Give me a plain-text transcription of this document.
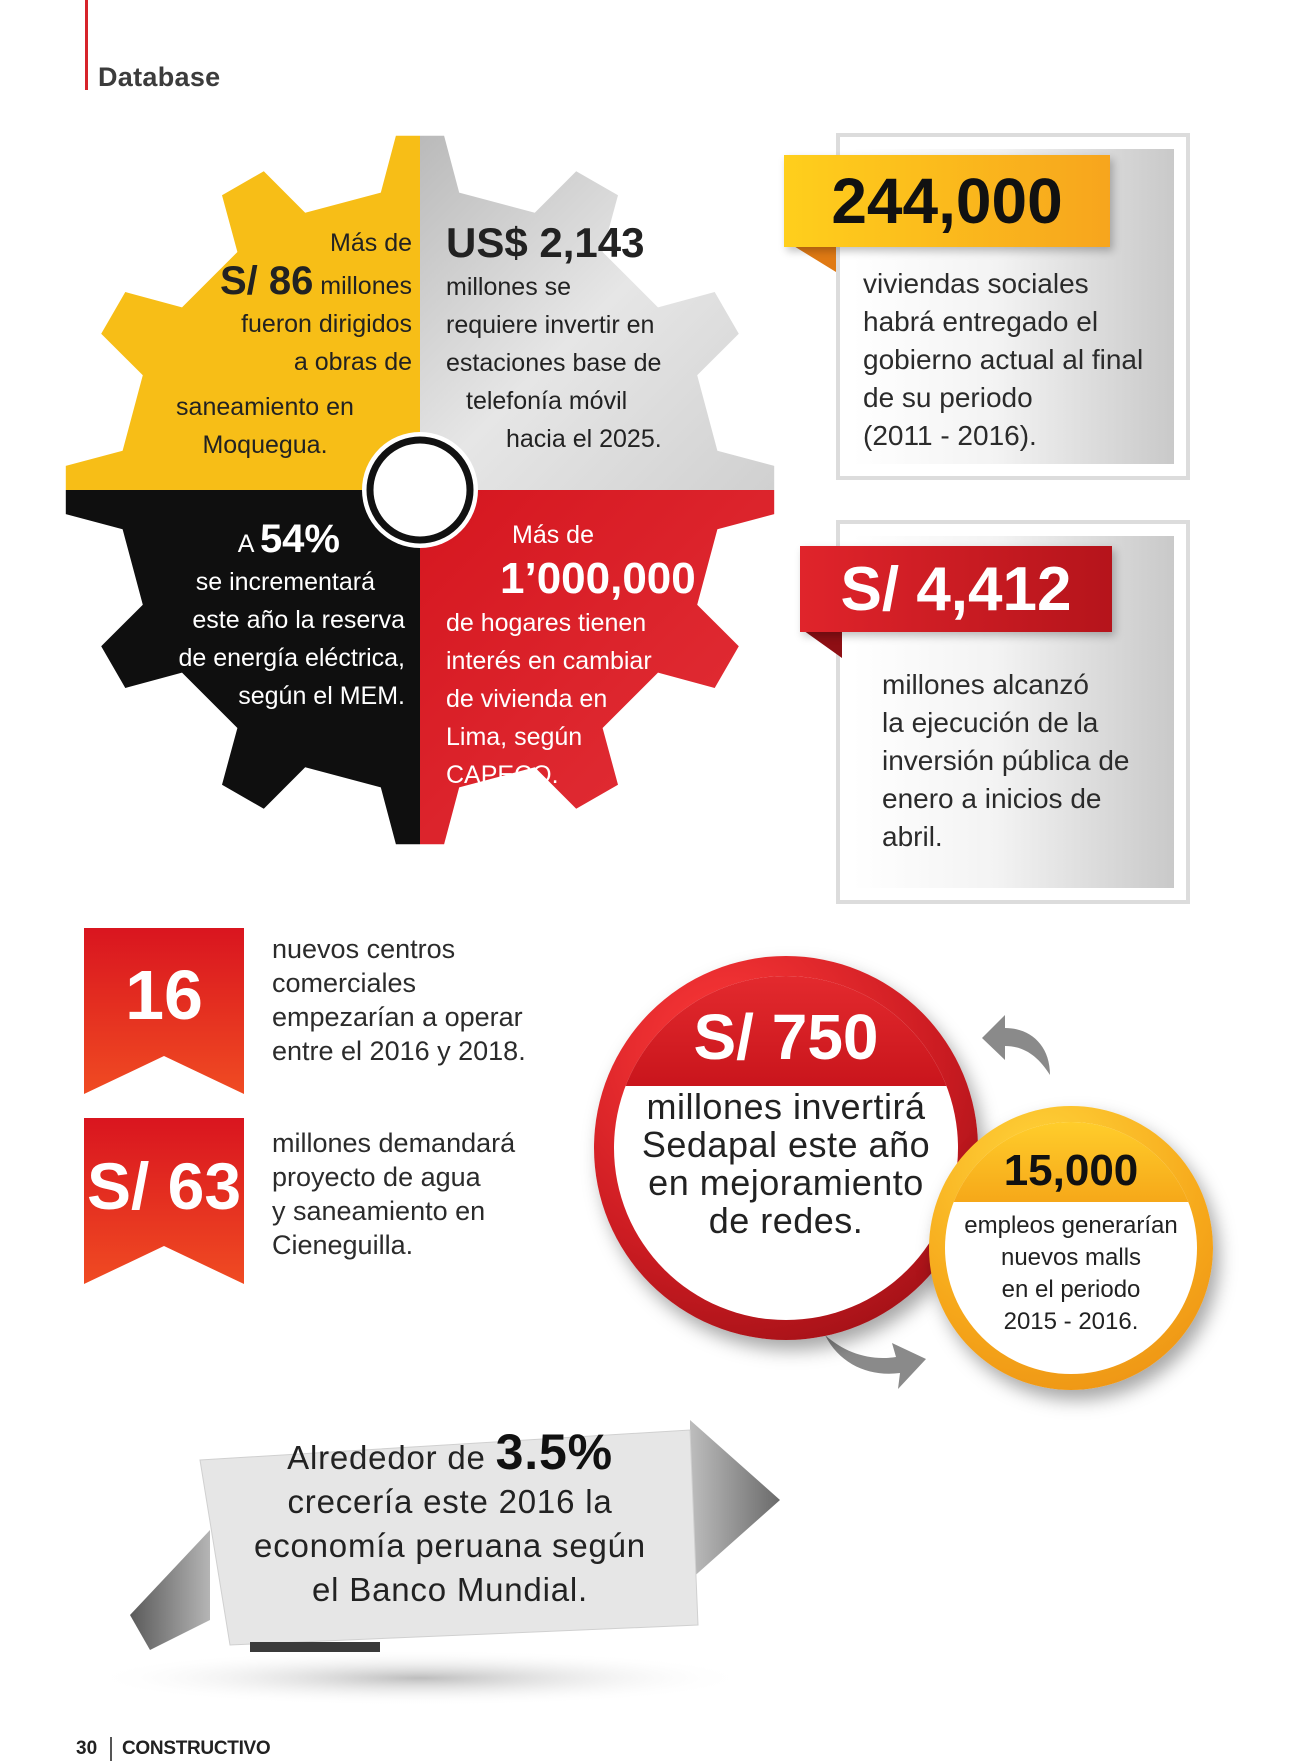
Database
Más de
S/ 86 millones
fueron dirigidos
a obras de
saneamiento en
Moquegua.
US$ 2,143
millones se
requiere invertir en
estaciones base de
telefonía móvil
hacia el 2025.
A 54%
se incrementará
este año la reserva
de energía eléctrica,
según el MEM.
Más de
1’000,000
de hogares tienen
interés en cambiar
de vivienda en
Lima, según
CAPECO.
244,000
viviendas sociales
habrá entregado el
gobierno actual al final
de su periodo
(2011 - 2016).
S/ 4,412
millones alcanzó
la ejecución de la
inversión pública de
enero a inicios de
abril.
16
nuevos centros
comerciales
empezarían a operar
entre el 2016 y 2018.
S/ 63
millones demandará
proyecto de agua
y saneamiento en
Cieneguilla.
S/ 750
millones invertirá
Sedapal este año
en mejoramiento
de redes.
15,000
empleos generarían
nuevos malls
en el periodo
2015 - 2016.
Alrededor de 3.5%
crecería este 2016 la
economía peruana según
el Banco Mundial.
30 CONSTRUCTIVO
